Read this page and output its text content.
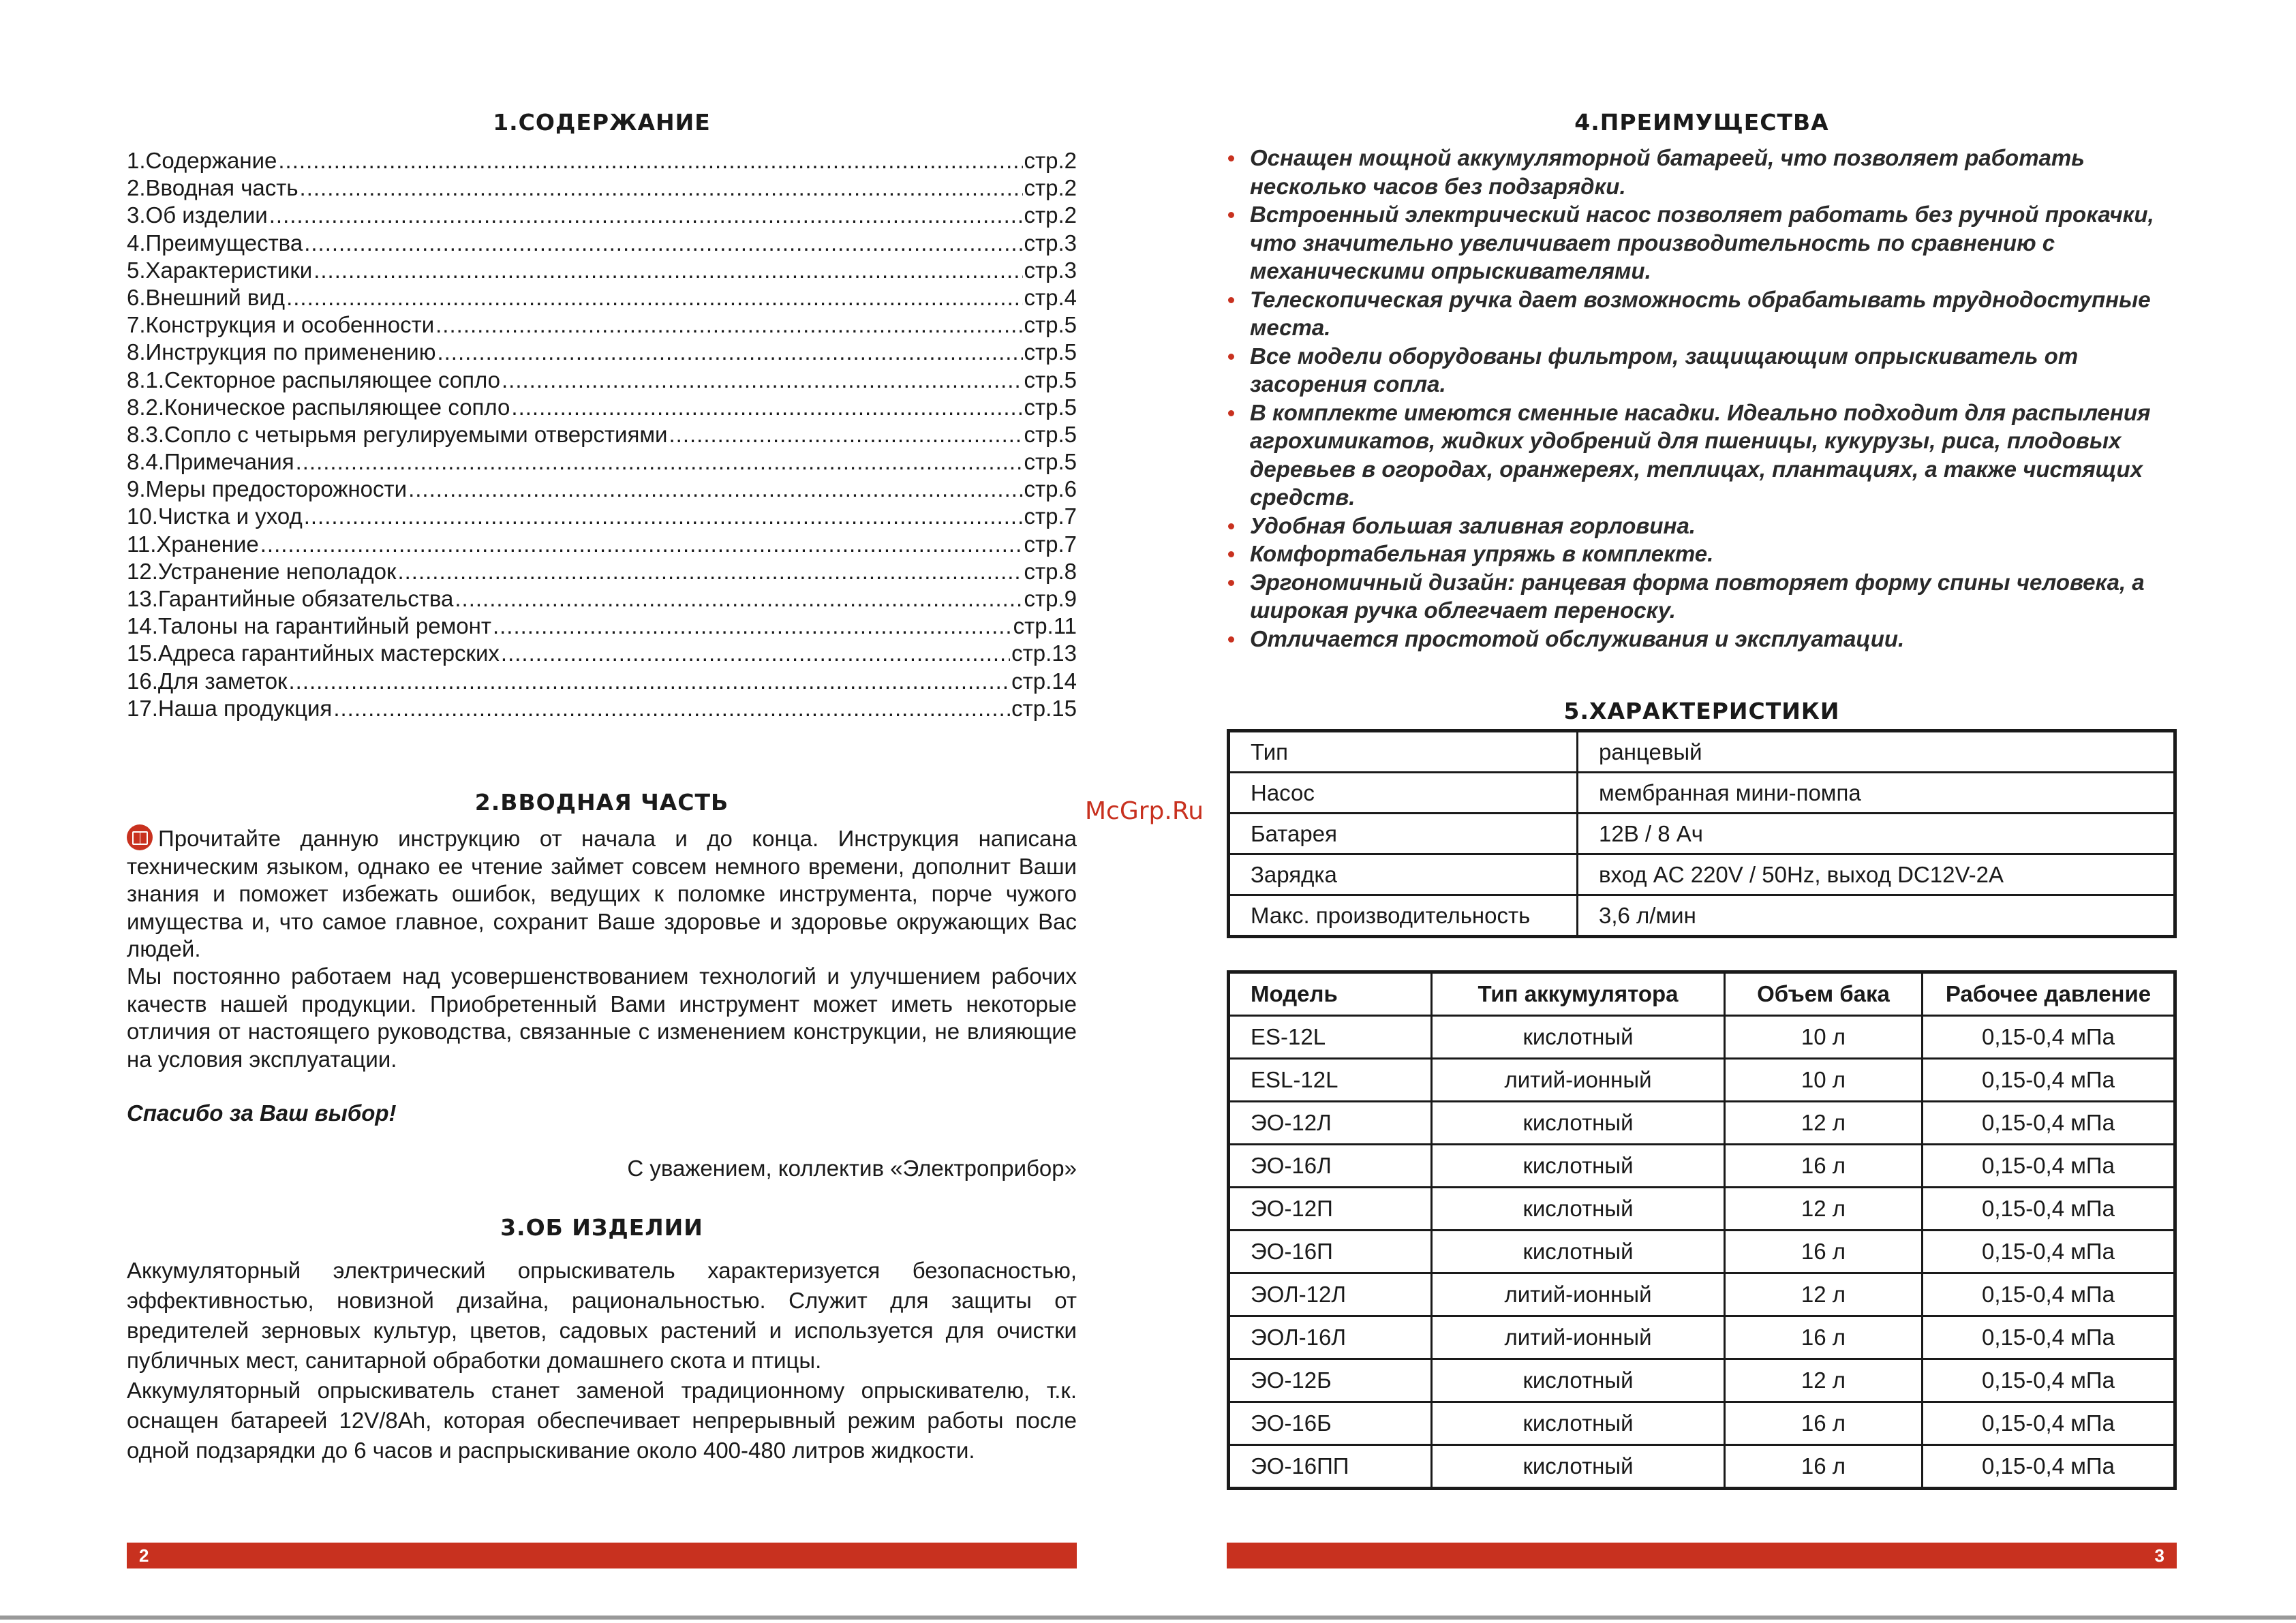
1.СОДЕРЖАНИЕ
1.Содержание .....	стр.2
2.Вводная часть .....	стр.2
3.Об изделии .....	стр.2
4.Преимущества .....	стр.3
5.Характеристики .....	стр.3
6.Внешний вид .....	стр.4
7.Конструкция и особенности .....	стр.5
8.Инструкция по применению .....	стр.5
8.1.Секторное распыляющее сопло .....	стр.5
8.2.Коническое распыляющее сопло .....	стр.5
8.3.Сопло с четырьмя регулируемыми отверстиями .....	стр.5
8.4.Примечания .....	стр.5
9.Меры предосторожности .....	стр.6
10.Чистка и уход .....	стр.7
11.Хранение .....	стр.7
12.Устранение неполадок .....	стр.8
13.Гарантийные обязательства .....	стр.9
14.Талоны на гарантийный ремонт .....	стр.11
15.Адреса гарантийных мастерских .....	стр.13
16.Для заметок .....	стр.14
17.Наша продукция .....	стр.15
2.ВВОДНАЯ ЧАСТЬ

Прочитайте данную инструкцию от начала и до конца. Инструкция написана техническим языком, однако ее чтение займет совсем немного времени, дополнит Ваши знания и поможет избежать ошибок, ведущих к поломке инструмента, порче чужого имущества и, что самое главное, сохранит Ваше здоровье и здоровье окружающих Вас людей.

Мы постоянно работаем над усовершенствованием технологий и улучшением рабочих качеств нашей продукции. Приобретенный Вами инструмент может иметь некоторые отличия от настоящего руководства, связанные с изменением конструкции, не влияющие на условия эксплуатации.

Спасибо за Ваш выбор!

С уважением, коллектив «Электроприбор»

3.ОБ ИЗДЕЛИИ

Аккумуляторный электрический опрыскиватель характеризуется безопасностью, эффективностью, новизной дизайна, рациональностью. Служит для защиты от вредителей зерновых культур, цветов, садовых растений и используется для очистки публичных мест, санитарной обработки домашнего скота и птицы.

Аккумуляторный опрыскиватель станет заменой традиционному опрыскивателю, т.к. оснащен батареей 12V/8Ah, которая обеспечивает непрерывный режим работы после одной подзарядки до 6 часов и распрыскивание около 400-480 литров жидкости.

2
McGrp.Ru
4.ПРЕИМУЩЕСТВА
Оснащен мощной аккумуляторной батареей, что позволяет работать несколько часов без подзарядки.
Встроенный электрический насос позволяет работать без ручной прокачки, что значительно увеличивает производительность по сравнению с механическими опрыскивателями.
Телескопическая ручка дает возможность обрабатывать труднодоступные места.
Все модели оборудованы фильтром, защищающим опрыскиватель от засорения сопла.
В комплекте имеются сменные насадки. Идеально подходит для распыления агрохимикатов, жидких удобрений для пшеницы, кукурузы, риса, плодовых деревьев в огородах, оранжереях, теплицах, плантациях, а также чистящих средств.
Удобная большая заливная горловина.
Комфортабельная упряжь в комплекте.
Эргономичный дизайн: ранцевая форма повторяет форму спины человека, а широкая ручка облегчает переноску.
Отличается простотой обслуживания и эксплуатации.
5.ХАРАКТЕРИСТИКИ
Тип	ранцевый
Насос	мембранная мини-помпа
Батарея	12В / 8 Ач
Зарядка	вход AC 220V / 50Hz, выход DC12V-2A
Макс. производительность	3,6 л/мин
Модель	Тип аккумулятора	Объем бака	Рабочее давление
ES-12L	кислотный	10 л	0,15-0,4 мПа
ESL-12L	литий-ионный	10 л	0,15-0,4 мПа
ЭО-12Л	кислотный	12 л	0,15-0,4 мПа
ЭО-16Л	кислотный	16 л	0,15-0,4 мПа
ЭО-12П	кислотный	12 л	0,15-0,4 мПа
ЭО-16П	кислотный	16 л	0,15-0,4 мПа
ЭОЛ-12Л	литий-ионный	12 л	0,15-0,4 мПа
ЭОЛ-16Л	литий-ионный	16 л	0,15-0,4 мПа
ЭО-12Б	кислотный	12 л	0,15-0,4 мПа
ЭО-16Б	кислотный	16 л	0,15-0,4 мПа
ЭО-16ПП	кислотный	16 л	0,15-0,4 мПа
3
